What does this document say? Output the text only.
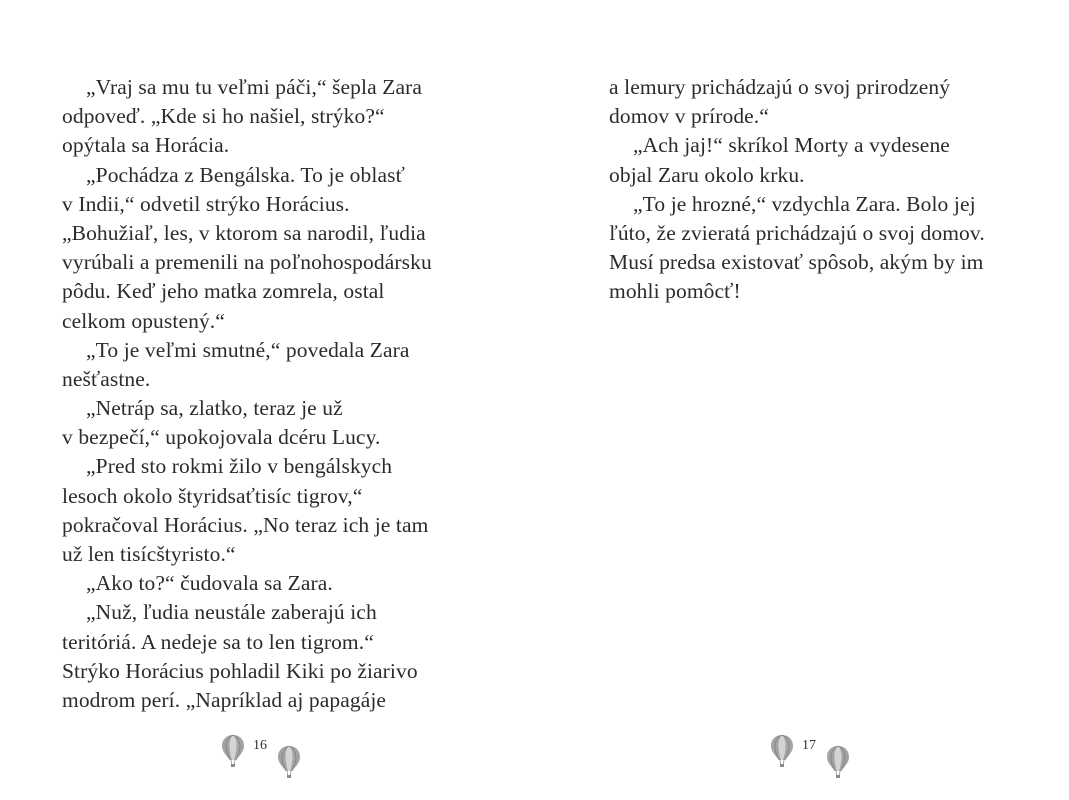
„Vraj sa mu tu veľmi páči,“ šepla Zara
odpoveď. „Kde si ho našiel, strýko?“
opýtala sa Horácia.
„Pochádza z Bengálska. To je oblasť
v Indii,“ odvetil strýko Horácius.
„Bohužiaľ, les, v ktorom sa narodil, ľudia
vyrúbali a premenili na poľnohospodársku
pôdu. Keď jeho matka zomrela, ostal
celkom opustený.“
„To je veľmi smutné,“ povedala Zara
nešťastne.
„Netráp sa, zlatko, teraz je už
v bezpečí,“ upokojovala dcéru Lucy.
„Pred sto rokmi žilo v bengálskych
lesoch okolo štyridsaťtisíc tigrov,“
pokračoval Horácius. „No teraz ich je tam
už len tisícštyristo.“
„Ako to?“ čudovala sa Zara.
„Nuž, ľudia neustále zaberajú ich
teritóriá. A nedeje sa to len tigrom.“
Strýko Horácius pohladil Kiki po žiarivo
modrom perí. „Napríklad aj papagáje
16
a lemury prichádzajú o svoj prirodzený
domov v prírode.“
„Ach jaj!“ skríkol Morty a vydesene
objal Zaru okolo krku.
„To je hrozné,“ vzdychla Zara. Bolo jej
ľúto, že zvieratá prichádzajú o svoj domov.
Musí predsa existovať spôsob, akým by im
mohli pomôcť!
17
